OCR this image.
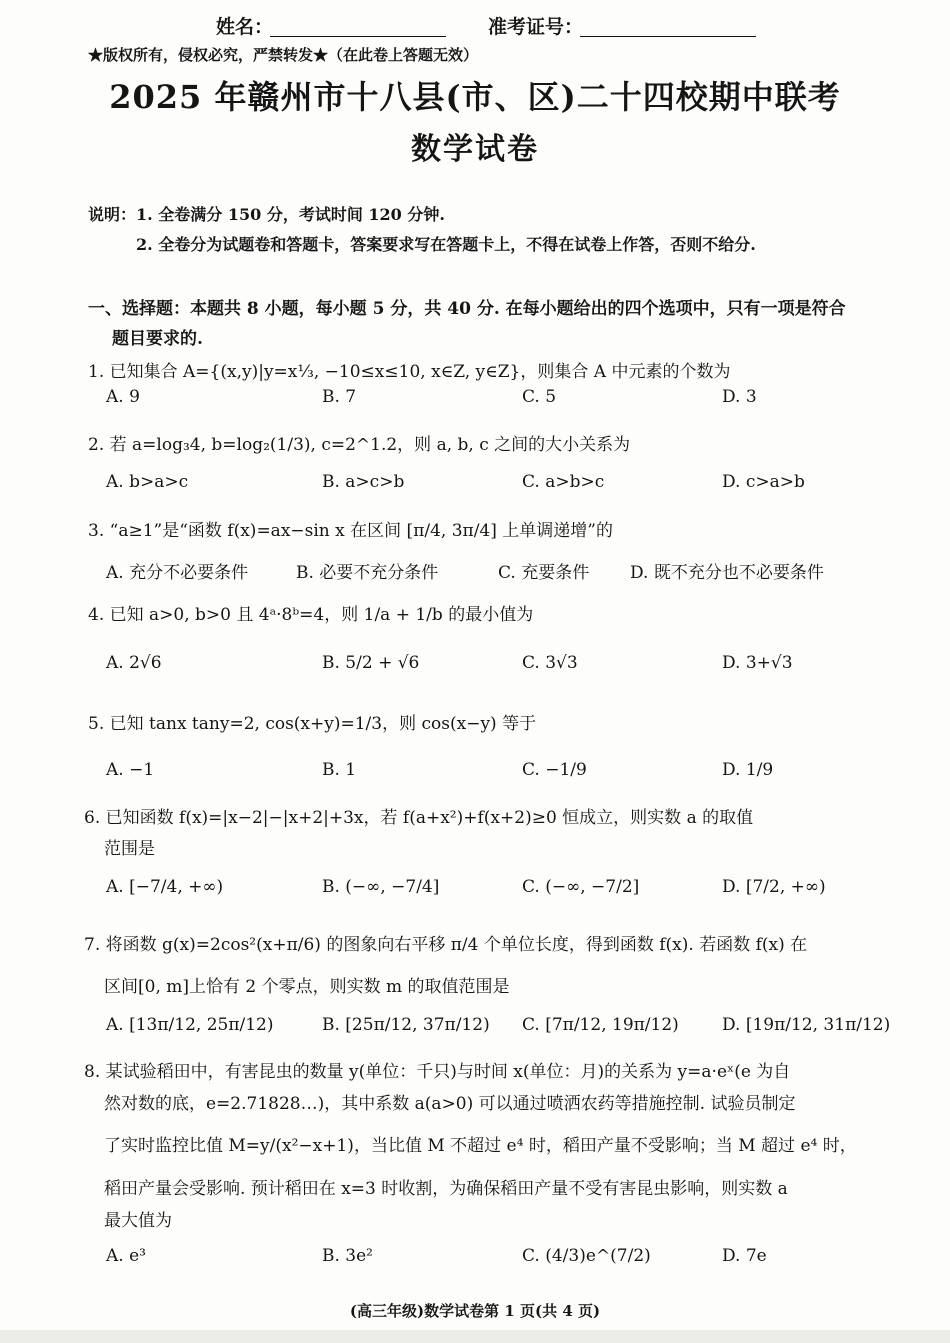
姓名：	准考证号：
★版权所有，侵权必究，严禁转发★（在此卷上答题无效）
2025 年赣州市十八县(市、区)二十四校期中联考
数学试卷
说明：1. 全卷满分 150 分，考试时间 120 分钟.
2. 全卷分为试题卷和答题卡，答案要求写在答题卡上，不得在试卷上作答，否则不给分.
一、选择题：本题共 8 小题，每小题 5 分，共 40 分. 在每小题给出的四个选项中，只有一项是符合
题目要求的.
1. 已知集合 A={(x,y)|y=x⅓, −10≤x≤10, x∈Z, y∈Z}，则集合 A 中元素的个数为
A. 9	B. 7	C. 5	D. 3
2. 若 a=log₃4, b=log₂(1/3), c=2^1.2，则 a, b, c 之间的大小关系为
A. b>a>c	B. a>c>b	C. a>b>c	D. c>a>b
3. “a≥1”是“函数 f(x)=ax−sin x 在区间 [π/4, 3π/4] 上单调递增”的
A. 充分不必要条件	B. 必要不充分条件	C. 充要条件 D. 既不充分也不必要条件
4. 已知 a>0, b>0 且 4ᵃ·8ᵇ=4，则 1/a + 1/b 的最小值为
A. 2√6	B. 5/2 + √6	C. 3√3	D. 3+√3
5. 已知 tanx tany=2, cos(x+y)=1/3，则 cos(x−y) 等于
A. −1	B. 1	C. −1/9	D. 1/9
6. 已知函数 f(x)=|x−2|−|x+2|+3x，若 f(a+x²)+f(x+2)≥0 恒成立，则实数 a 的取值
范围是
A. [−7/4, +∞)	B. (−∞, −7/4]	C. (−∞, −7/2]	D. [7/2, +∞)
7. 将函数 g(x)=2cos²(x+π/6) 的图象向右平移 π/4 个单位长度，得到函数 f(x). 若函数 f(x) 在
区间[0, m]上恰有 2 个零点，则实数 m 的取值范围是
A. [13π/12, 25π/12)	B. [25π/12, 37π/12) C. [7π/12, 19π/12)	D. [19π/12, 31π/12)
8. 某试验稻田中，有害昆虫的数量 y(单位：千只)与时间 x(单位：月)的关系为 y=a·eˣ(e 为自
然对数的底，e=2.71828…)，其中系数 a(a>0) 可以通过喷洒农药等措施控制. 试验员制定
了实时监控比值 M=y/(x²−x+1)，当比值 M 不超过 e⁴ 时，稻田产量不受影响；当 M 超过 e⁴ 时，
稻田产量会受影响. 预计稻田在 x=3 时收割，为确保稻田产量不受有害昆虫影响，则实数 a
最大值为
A. e³	B. 3e²	C. (4/3)e^(7/2)	D. 7e
(高三年级)数学试卷第 1 页(共 4 页)
